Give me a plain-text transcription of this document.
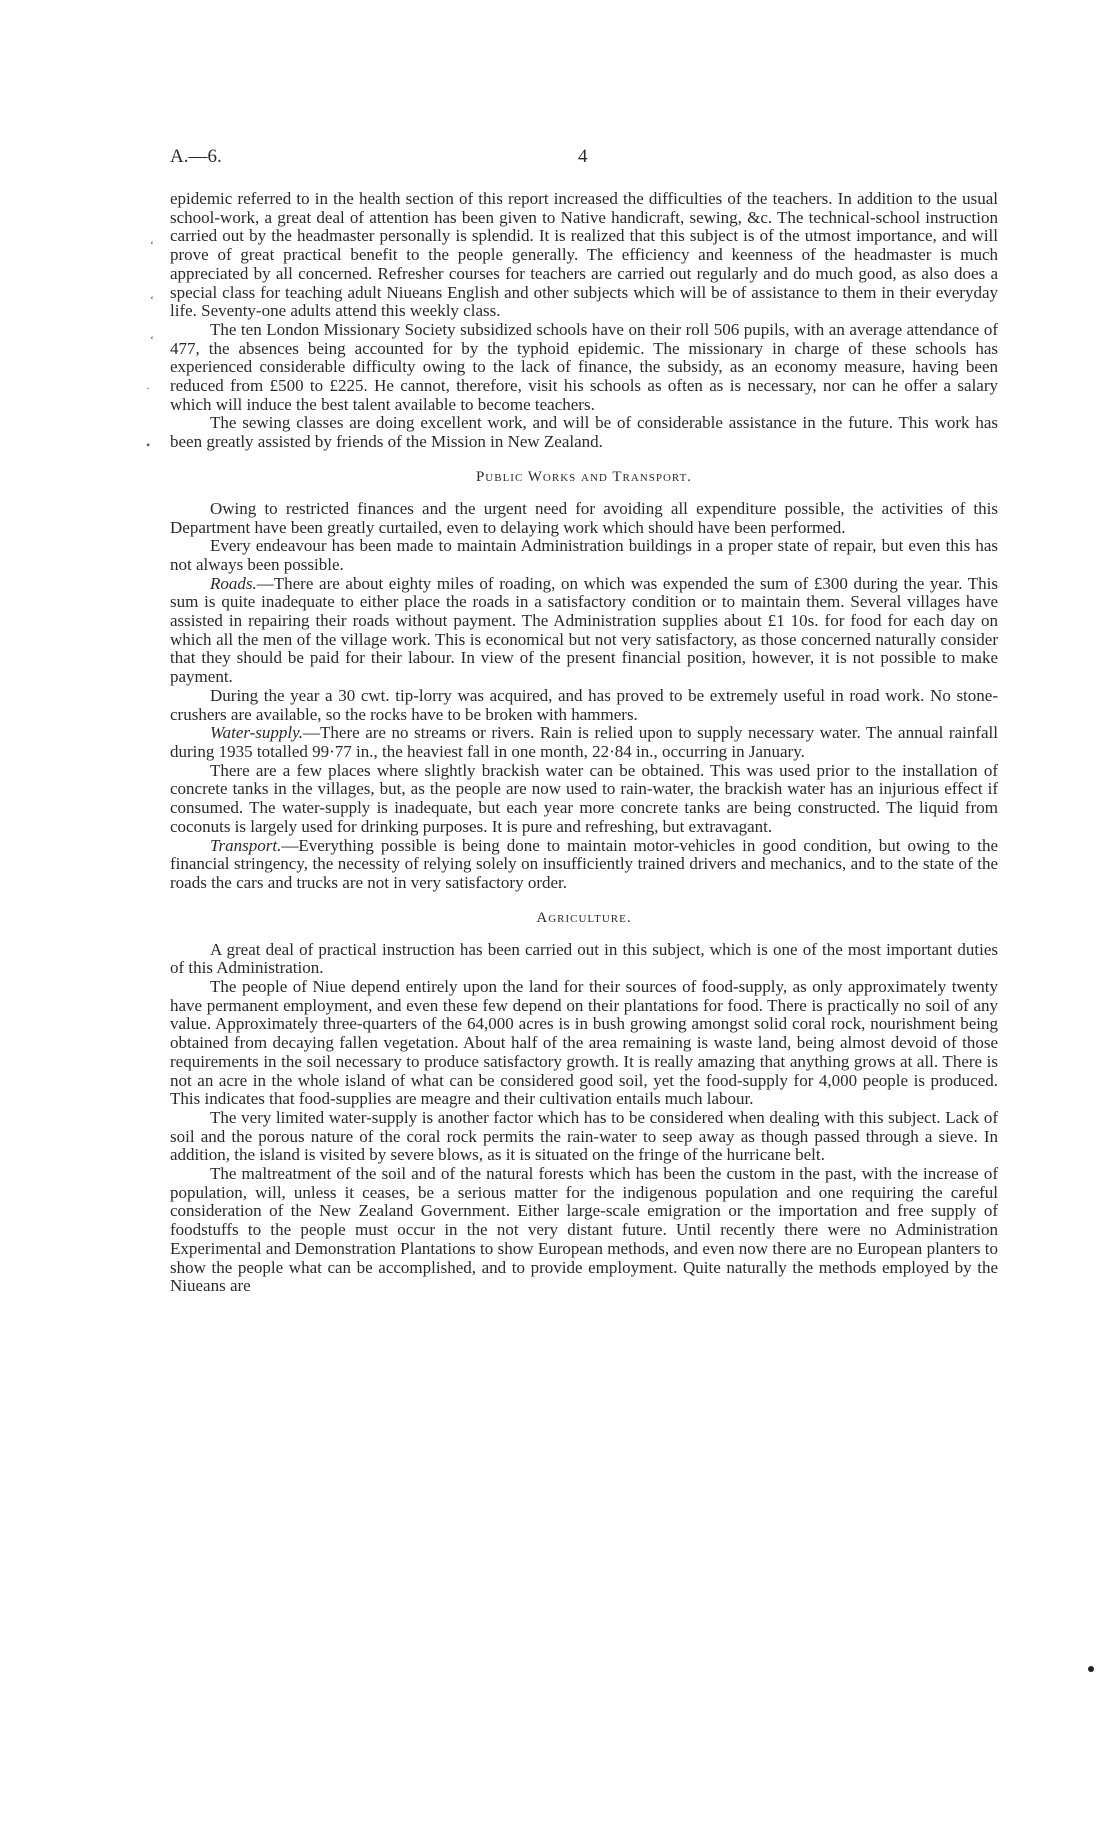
A.—6.	4

epidemic referred to in the health section of this report increased the difficulties of the teachers. In addition to the usual school-work, a great deal of attention has been given to Native handicraft, sewing, &c. The technical-school instruction carried out by the headmaster personally is splendid. It is realized that this subject is of the utmost importance, and will prove of great practical benefit to the people generally. The efficiency and keenness of the headmaster is much appreciated by all concerned. Refresher courses for teachers are carried out regularly and do much good, as also does a special class for teaching adult Niueans English and other subjects which will be of assistance to them in their everyday life. Seventy-one adults attend this weekly class.

The ten London Missionary Society subsidized schools have on their roll 506 pupils, with an average attendance of 477, the absences being accounted for by the typhoid epidemic. The missionary in charge of these schools has experienced considerable difficulty owing to the lack of finance, the subsidy, as an economy measure, having been reduced from £500 to £225. He cannot, therefore, visit his schools as often as is necessary, nor can he offer a salary which will induce the best talent available to become teachers.

The sewing classes are doing excellent work, and will be of considerable assistance in the future. This work has been greatly assisted by friends of the Mission in New Zealand.

Public Works and Transport.

Owing to restricted finances and the urgent need for avoiding all expenditure possible, the activities of this Department have been greatly curtailed, even to delaying work which should have been performed.

Every endeavour has been made to maintain Administration buildings in a proper state of repair, but even this has not always been possible.

Roads.—There are about eighty miles of roading, on which was expended the sum of £300 during the year. This sum is quite inadequate to either place the roads in a satisfactory condition or to maintain them. Several villages have assisted in repairing their roads without payment. The Administration supplies about £1 10s. for food for each day on which all the men of the village work. This is economical but not very satisfactory, as those concerned naturally consider that they should be paid for their labour. In view of the present financial position, however, it is not possible to make payment.

During the year a 30 cwt. tip-lorry was acquired, and has proved to be extremely useful in road work. No stone-crushers are available, so the rocks have to be broken with hammers.

Water-supply.—There are no streams or rivers. Rain is relied upon to supply necessary water. The annual rainfall during 1935 totalled 99·77 in., the heaviest fall in one month, 22·84 in., occurring in January.

There are a few places where slightly brackish water can be obtained. This was used prior to the installation of concrete tanks in the villages, but, as the people are now used to rain-water, the brackish water has an injurious effect if consumed. The water-supply is inadequate, but each year more concrete tanks are being constructed. The liquid from coconuts is largely used for drinking purposes. It is pure and refreshing, but extravagant.

Transport.—Everything possible is being done to maintain motor-vehicles in good condition, but owing to the financial stringency, the necessity of relying solely on insufficiently trained drivers and mechanics, and to the state of the roads the cars and trucks are not in very satisfactory order.

Agriculture.

A great deal of practical instruction has been carried out in this subject, which is one of the most important duties of this Administration.

The people of Niue depend entirely upon the land for their sources of food-supply, as only approximately twenty have permanent employment, and even these few depend on their plantations for food. There is practically no soil of any value. Approximately three-quarters of the 64,000 acres is in bush growing amongst solid coral rock, nourishment being obtained from decaying fallen vegetation. About half of the area remaining is waste land, being almost devoid of those requirements in the soil necessary to produce satisfactory growth. It is really amazing that anything grows at all. There is not an acre in the whole island of what can be considered good soil, yet the food-supply for 4,000 people is produced. This indicates that food-supplies are meagre and their cultivation entails much labour.

The very limited water-supply is another factor which has to be considered when dealing with this subject. Lack of soil and the porous nature of the coral rock permits the rain-water to seep away as though passed through a sieve. In addition, the island is visited by severe blows, as it is situated on the fringe of the hurricane belt.

The maltreatment of the soil and of the natural forests which has been the custom in the past, with the increase of population, will, unless it ceases, be a serious matter for the indigenous population and one requiring the careful consideration of the New Zealand Government. Either large-scale emigration or the importation and free supply of foodstuffs to the people must occur in the not very distant future. Until recently there were no Administration Experimental and Demonstration Plantations to show European methods, and even now there are no European planters to show the people what can be accomplished, and to provide employment. Quite naturally the methods employed by the Niueans are

‘
‘
‘
·
•
